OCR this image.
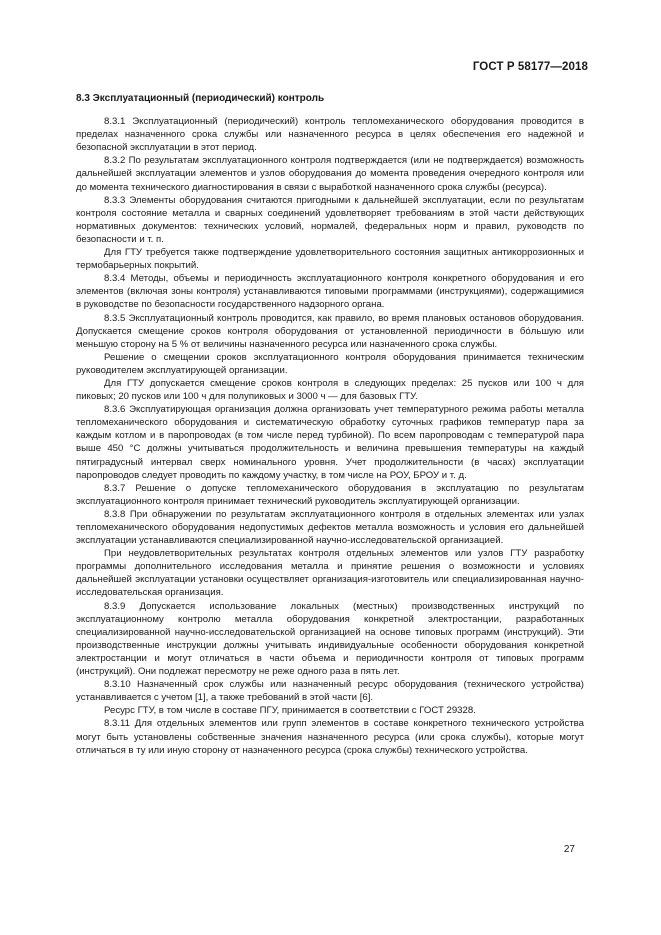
ГОСТ Р 58177—2018
8.3 Эксплуатационный (периодический) контроль

8.3.1 Эксплуатационный (периодический) контроль тепломеханического оборудования проводится в пределах назначенного срока службы или назначенного ресурса в целях обеспечения его надежной и безопасной эксплуатации в этот период.

8.3.2 По результатам эксплуатационного контроля подтверждается (или не подтверждается) возможность дальнейшей эксплуатации элементов и узлов оборудования до момента проведения очередного контроля или до момента технического диагностирования в связи с выработкой назначенного срока службы (ресурса).

8.3.3 Элементы оборудования считаются пригодными к дальнейшей эксплуатации, если по результатам контроля состояние металла и сварных соединений удовлетворяет требованиям в этой части действующих нормативных документов: технических условий, нормалей, федеральных норм и правил, руководств по безопасности и т. п.

Для ГТУ требуется также подтверждение удовлетворительного состояния защитных антикоррозионных и термобарьерных покрытий.

8.3.4 Методы, объемы и периодичность эксплуатационного контроля конкретного оборудования и его элементов (включая зоны контроля) устанавливаются типовыми программами (инструкциями), содержащимися в руководстве по безопасности государственного надзорного органа.

8.3.5 Эксплуатационный контроль проводится, как правило, во время плановых остановов оборудования. Допускается смещение сроков контроля оборудования от установленной периодичности в бо́льшую или меньшую сторону на 5 % от величины назначенного ресурса или назначенного срока службы.

Решение о смещении сроков эксплуатационного контроля оборудования принимается техническим руководителем эксплуатирующей организации.

Для ГТУ допускается смещение сроков контроля в следующих пределах: 25 пусков или 100 ч для пиковых; 20 пусков или 100 ч для полупиковых и 3000 ч — для базовых ГТУ.

8.3.6 Эксплуатирующая организация должна организовать учет температурного режима работы металла тепломеханического оборудования и систематическую обработку суточных графиков температур пара за каждым котлом и в паропроводах (в том числе перед турбиной). По всем паропроводам с температурой пара выше 450 °С должны учитываться продолжительность и величина превышения температуры на каждый пятиградусный интервал сверх номинального уровня. Учет продолжительности (в часах) эксплуатации паропроводов следует проводить по каждому участку, в том числе на РОУ, БРОУ и т. д.

8.3.7 Решение о допуске тепломеханического оборудования в эксплуатацию по результатам эксплуатационного контроля принимает технический руководитель эксплуатирующей организации.

8.3.8 При обнаружении по результатам эксплуатационного контроля в отдельных элементах или узлах тепломеханического оборудования недопустимых дефектов металла возможность и условия его дальнейшей эксплуатации устанавливаются специализированной научно-исследовательской организацией.

При неудовлетворительных результатах контроля отдельных элементов или узлов ГТУ разработку программы дополнительного исследования металла и принятие решения о возможности и условиях дальнейшей эксплуатации установки осуществляет организация-изготовитель или специализированная научно-исследовательская организация.

8.3.9 Допускается использование локальных (местных) производственных инструкций по эксплуатационному контролю металла оборудования конкретной электростанции, разработанных специализированной научно-исследовательской организацией на основе типовых программ (инструкций). Эти производственные инструкции должны учитывать индивидуальные особенности оборудования конкретной электростанции и могут отличаться в части объема и периодичности контроля от типовых программ (инструкций). Они подлежат пересмотру не реже одного раза в пять лет.

8.3.10 Назначенный срок службы или назначенный ресурс оборудования (технического устройства) устанавливается с учетом [1], а также требований в этой части [6].

Ресурс ГТУ, в том числе в составе ПГУ, принимается в соответствии с ГОСТ 29328.

8.3.11 Для отдельных элементов или групп элементов в составе конкретного технического устройства могут быть установлены собственные значения назначенного ресурса (или срока службы), которые могут отличаться в ту или иную сторону от назначенного ресурса (срока службы) технического устройства.

27
